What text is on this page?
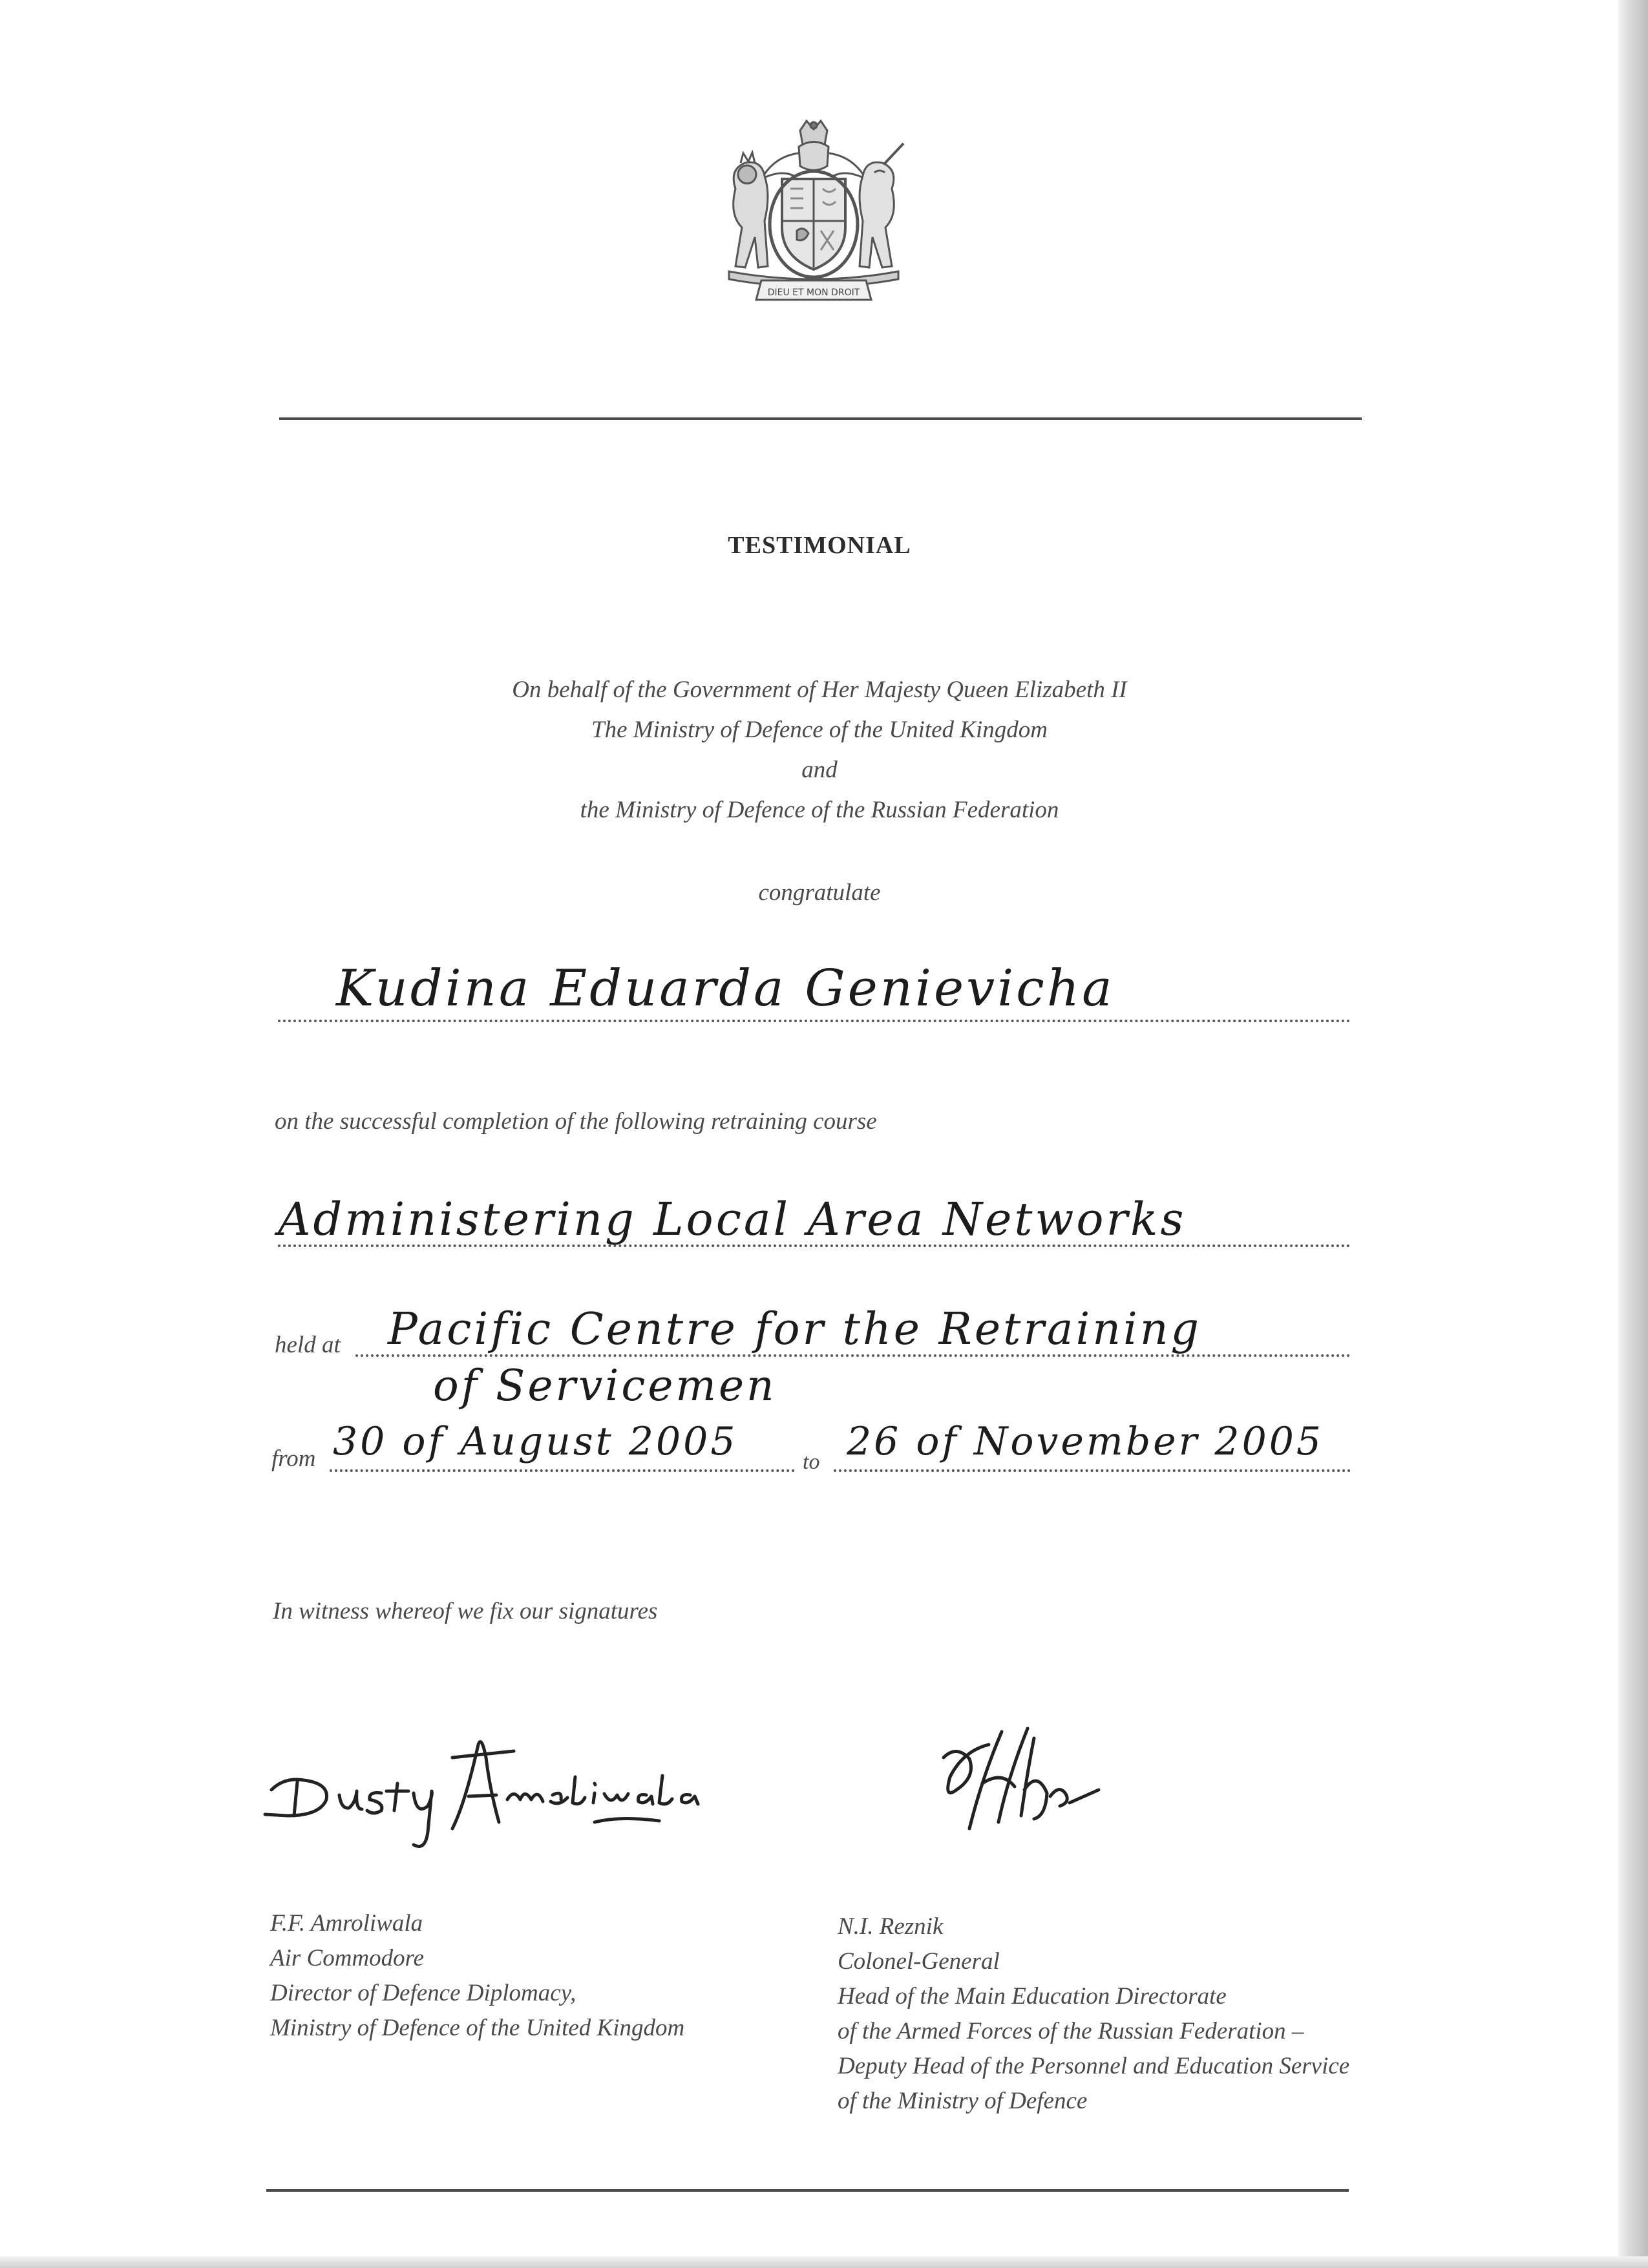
DIEU ET MON DROIT
TESTIMONIAL
On behalf of the Government of Her Majesty Queen Elizabeth II
The Ministry of Defence of the United Kingdom
and
the Ministry of Defence of the Russian Federation
congratulate
Kudina Eduarda Genievicha
on the successful completion of the following retraining course
Administering Local Area Networks
held at Pacific Centre for the Retraining
of Servicemen
from 30 of August 2005	to 26 of November 2005
In witness whereof we fix our signatures
F.F. Amroliwala
Air Commodore
Director of Defence Diplomacy,
Ministry of Defence of the United Kingdom
N.I. Reznik
Colonel-General
Head of the Main Education Directorate
of the Armed Forces of the Russian Federation –
Deputy Head of the Personnel and Education Service
of the Ministry of Defence
